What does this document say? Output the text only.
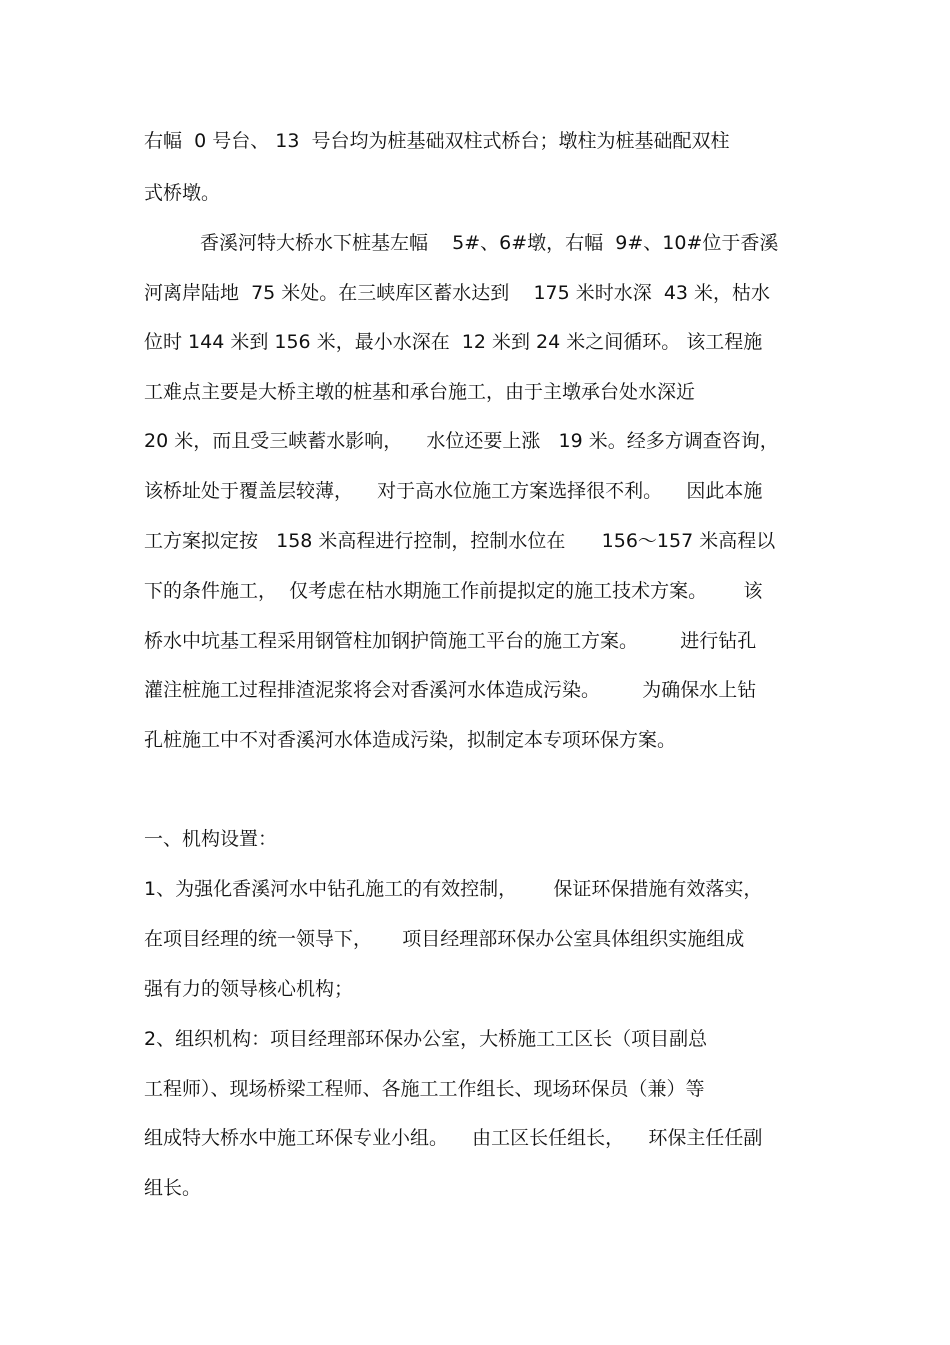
右幅  0 号台、 13  号台均为桩基础双柱式桥台；墩柱为桩基础配双柱
式桥墩。
香溪河特大桥水下桩基左幅    5#、6#墩，右幅  9#、10#位于香溪
河离岸陆地  75 米处。在三峡库区蓄水达到    175 米时水深  43 米，枯水
位时 144 米到 156 米，最小水深在  12 米到 24 米之间循环。 该工程施
工难点主要是大桥主墩的桩基和承台施工，由于主墩承台处水深近
20 米，而且受三峡蓄水影响，    水位还要上涨   19 米。经多方调查咨询，
该桥址处于覆盖层较薄，    对于高水位施工方案选择很不利。    因此本施
工方案拟定按   158 米高程进行控制，控制水位在      156～157 米高程以
下的条件施工，  仅考虑在枯水期施工作前提拟定的施工技术方案。      该
桥水中坑基工程采用钢管柱加钢护筒施工平台的施工方案。       进行钻孔
灌注桩施工过程排渣泥浆将会对香溪河水体造成污染。       为确保水上钻
孔桩施工中不对香溪河水体造成污染，拟制定本专项环保方案。
一、机构设置：
1、为强化香溪河水中钻孔施工的有效控制，      保证环保措施有效落实，
在项目经理的统一领导下，     项目经理部环保办公室具体组织实施组成
强有力的领导核心机构；
2、组织机构：项目经理部环保办公室，大桥施工工区长（项目副总
工程师）、现场桥梁工程师、各施工工作组长、现场环保员（兼）等
组成特大桥水中施工环保专业小组。    由工区长任组长，    环保主任任副
组长。
